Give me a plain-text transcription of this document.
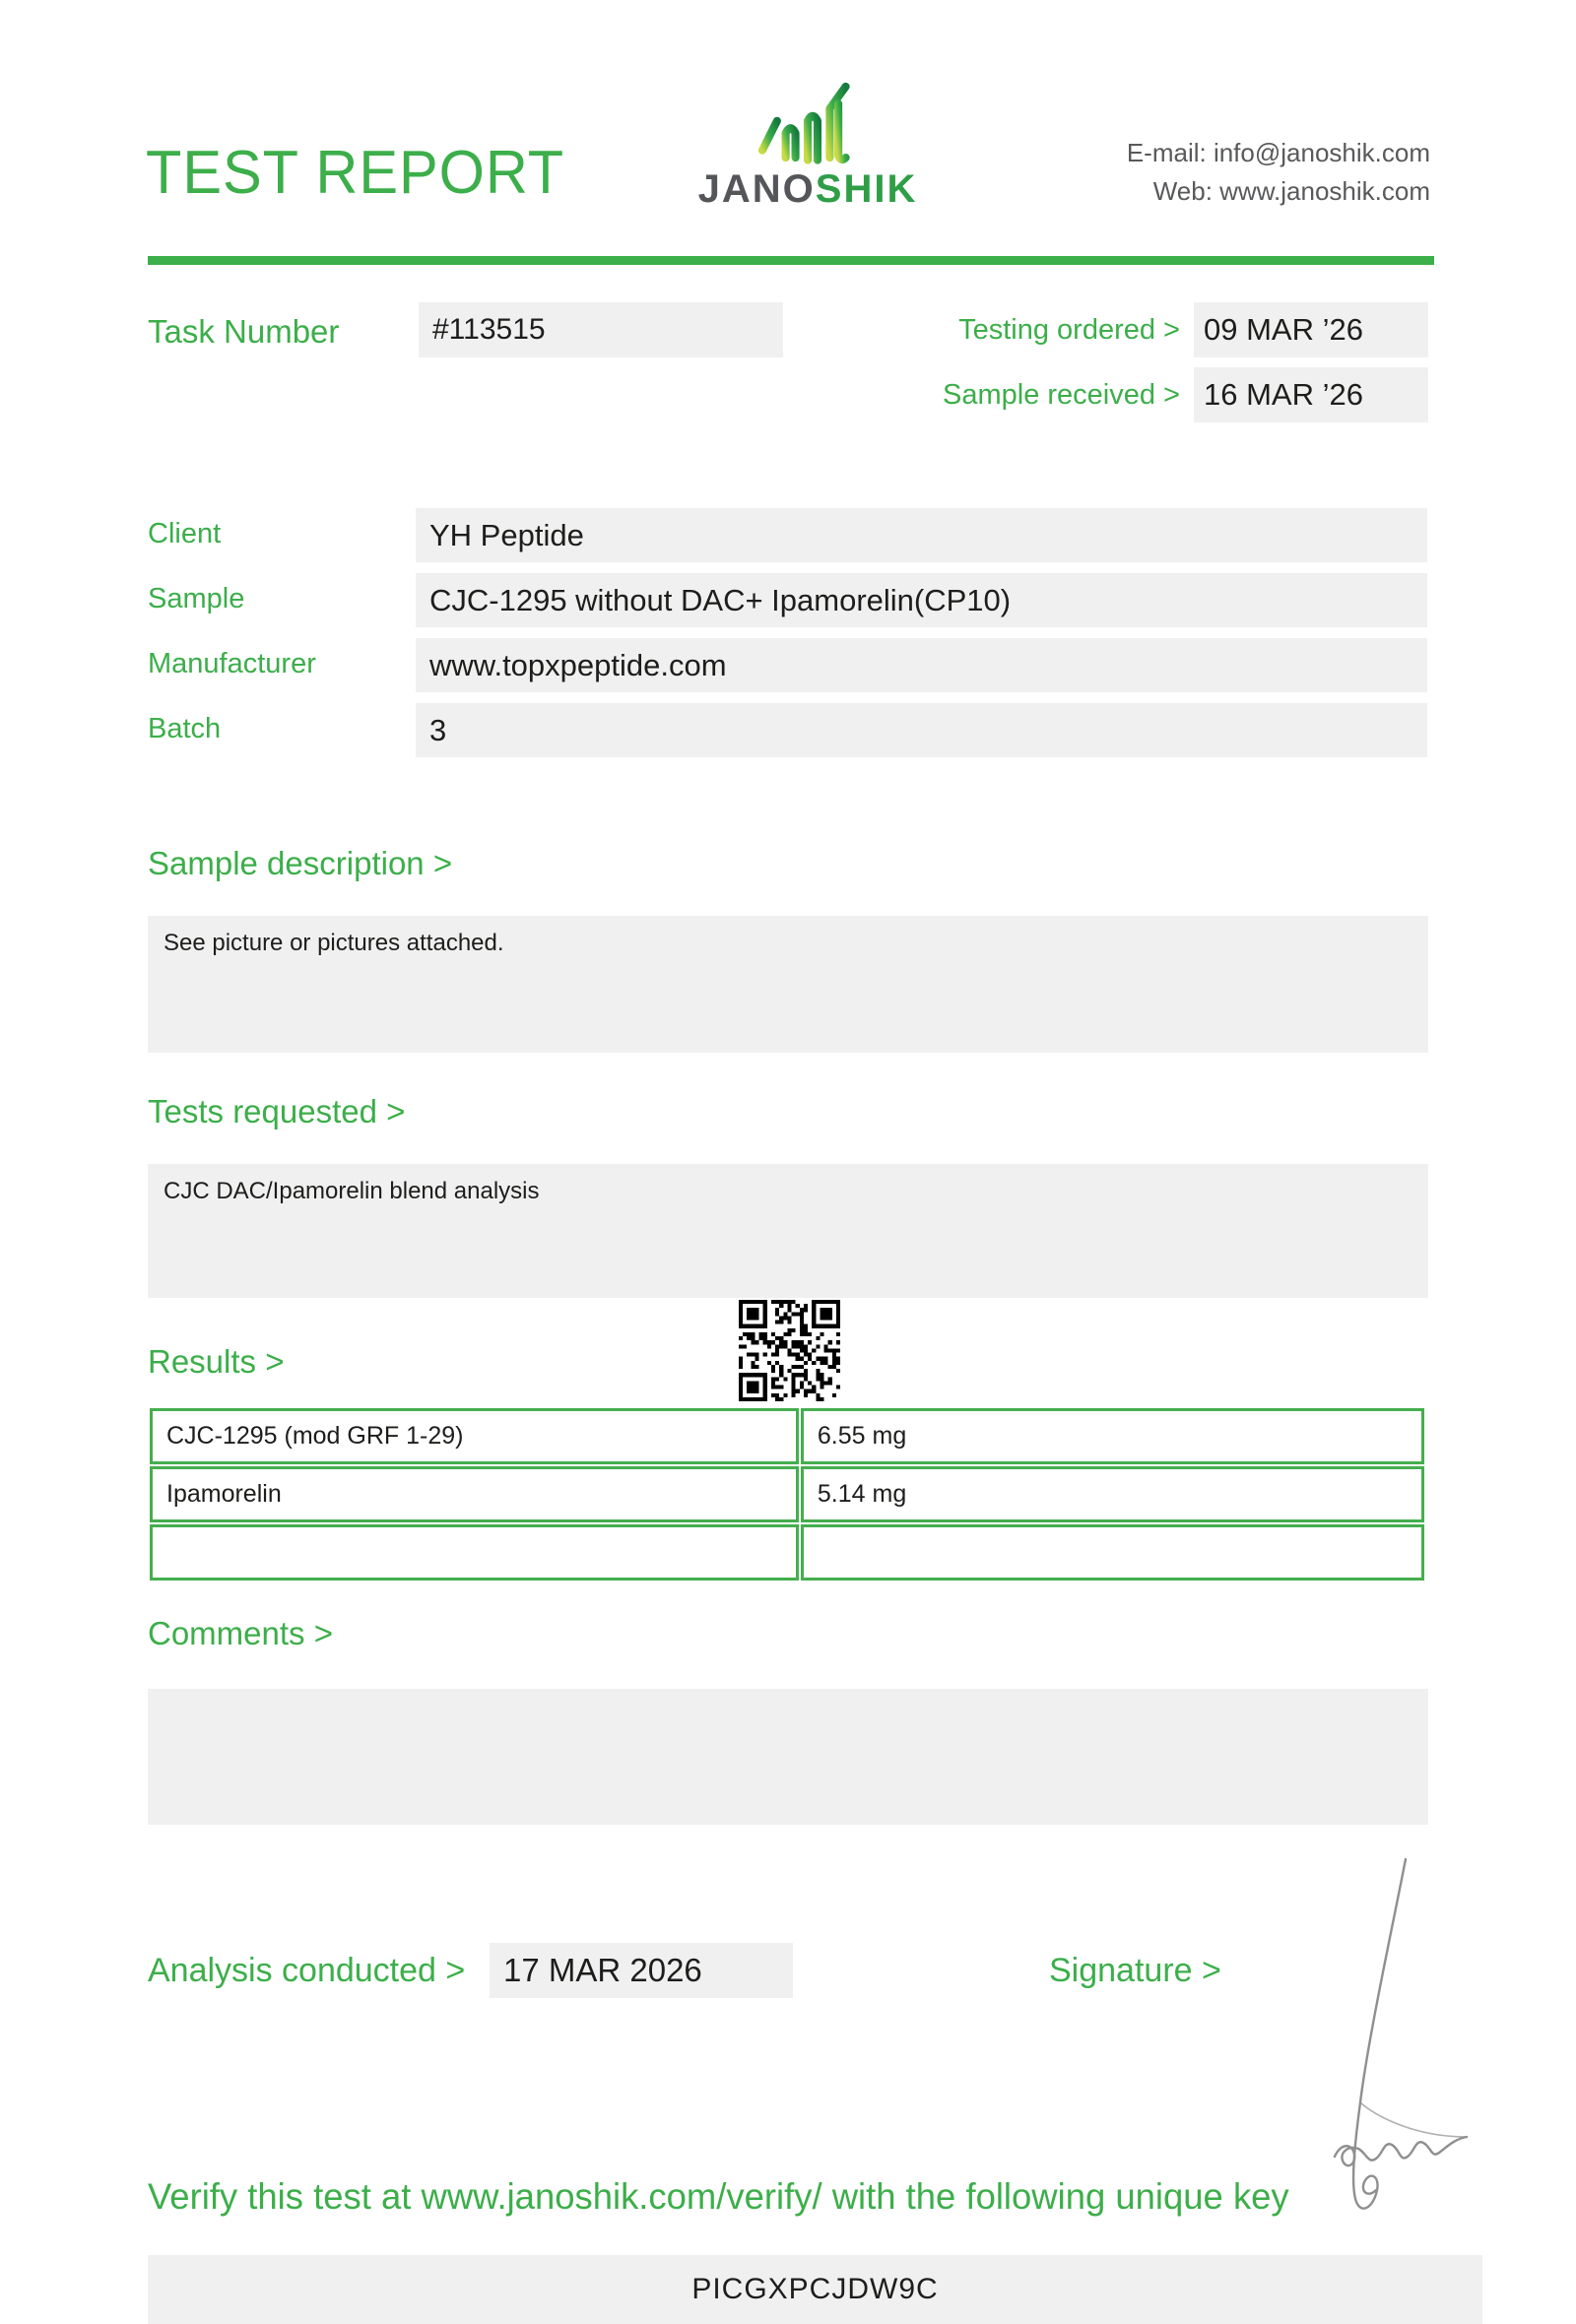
TEST REPORT	JANOSHIK
E-mail: info@janoshik.com
Web: www.janoshik.com
Task Number	#113515	Testing ordered > 09 MAR ’26
Sample received > 16 MAR ’26
Client	YH Peptide
Sample	CJC-1295 without DAC+ Ipamorelin(CP10)
Manufacturer	www.topxpeptide.com
Batch	3
Sample description >
See picture or pictures attached.
Tests requested >
CJC DAC/Ipamorelin blend analysis
Results >
CJC-1295 (mod GRF 1-29)	6.55 mg
Ipamorelin	5.14 mg

Comments >
Analysis conducted >	17 MAR 2026	Signature >
Verify this test at www.janoshik.com/verify/ with the following unique key
PICGXPCJDW9C
